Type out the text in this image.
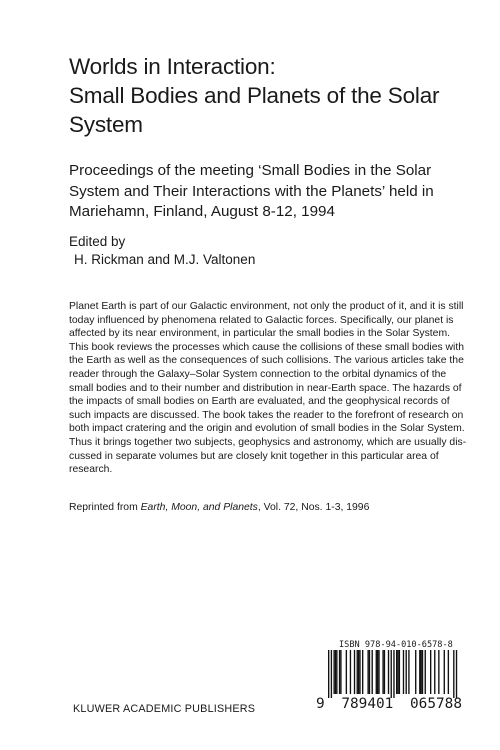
Worlds in Interaction:
Small Bodies and Planets of the Solar
System
Proceedings of the meeting ‘Small Bodies in the Solar
System and Their Interactions with the Planets’ held in
Mariehamn, Finland, August 8-12, 1994
Edited by
H. Rickman and M.J. Valtonen
Planet Earth is part of our Galactic environment, not only the product of it, and it is still
today influenced by phenomena related to Galactic forces. Specifically, our planet is
affected by its near environment, in particular the small bodies in the Solar System.
This book reviews the processes which cause the collisions of these small bodies with
the Earth as well as the consequences of such collisions. The various articles take the
reader through the Galaxy–Solar System connection to the orbital dynamics of the
small bodies and to their number and distribution in near-Earth space. The hazards of
the impacts of small bodies on Earth are evaluated, and the geophysical records of
such impacts are discussed. The book takes the reader to the forefront of research on
both impact cratering and the origin and evolution of small bodies in the Solar System.
Thus it brings together two subjects, geophysics and astronomy, which are usually dis-
cussed in separate volumes but are closely knit together in this particular area of
research.
Reprinted from Earth, Moon, and Planets, Vol. 72, Nos. 1-3, 1996
ISBN 978-94-010-6578-8
9 789401 065788
KLUWER ACADEMIC PUBLISHERS
